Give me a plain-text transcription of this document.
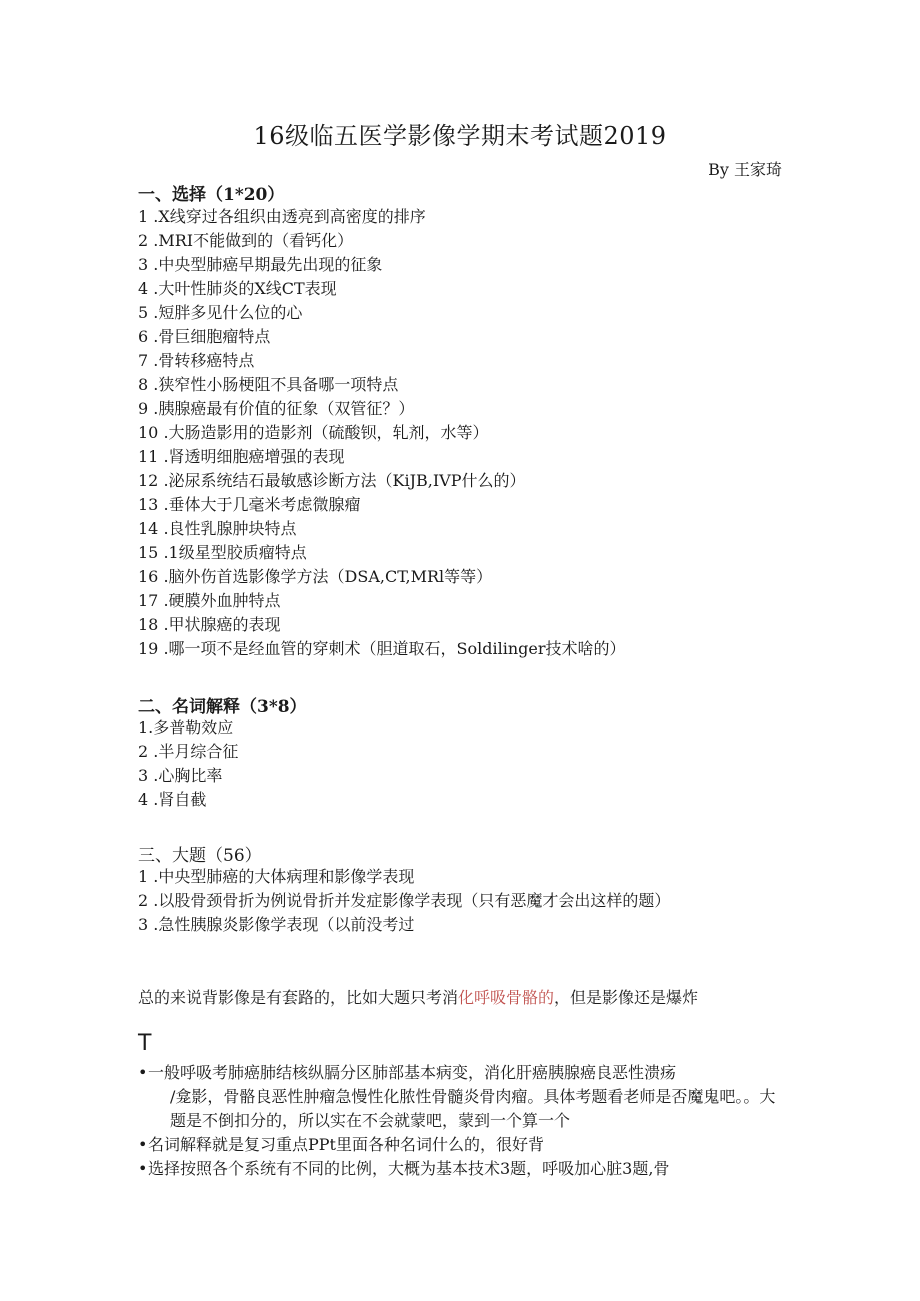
16级临五医学影像学期末考试题2019
By 王家琦
一、选择（1*20）
1 .X线穿过各组织由透亮到高密度的排序
2 .MRI不能做到的（看钙化）
3 .中央型肺癌早期最先出现的征象
4 .大叶性肺炎的X线CT表现
5 .短胖多见什么位的心
6 .骨巨细胞瘤特点
7 .骨转移癌特点
8 .狭窄性小肠梗阻不具备哪一项特点
9 .胰腺癌最有价值的征象（双管征？）
10 .大肠造影用的造影剂（硫酸钡，轧剂，水等）
11 .肾透明细胞癌增强的表现
12 .泌尿系统结石最敏感诊断方法（KiJB,IVP什么的）
13 .垂体大于几毫米考虑微腺瘤
14 .良性乳腺肿块特点
15 .1级星型胶质瘤特点
16 .脑外伤首选影像学方法（DSA,CT,MRl等等）
17 .硬膜外血肿特点
18 .甲状腺癌的表现
19 .哪一项不是经血管的穿刺术（胆道取石，Soldilinger技术啥的）
二、名词解释（3*8）
1.多普勒效应
2 .半月综合征
3 .心胸比率
4 .肾自截
三、大题（56）
1 .中央型肺癌的大体病理和影像学表现
2 .以股骨颈骨折为例说骨折并发症影像学表现（只有恶魔才会出这样的题）
3 .急性胰腺炎影像学表现（以前没考过
总的来说背影像是有套路的，比如大题只考消化呼吸骨骼的，但是影像还是爆炸
T
• 一般呼吸考肺癌肺结核纵膈分区肺部基本病变，消化肝癌胰腺癌良恶性溃疡
/龛影，骨骼良恶性肿瘤急慢性化脓性骨髓炎骨肉瘤。具体考题看老师是否魔鬼吧。。大题是不倒扣分的，所以实在不会就蒙吧，蒙到一个算一个
• 名词解释就是复习重点PPt里面各种名词什么的，很好背
• 选择按照各个系统有不同的比例，大概为基本技术3题，呼吸加心脏3题,骨
